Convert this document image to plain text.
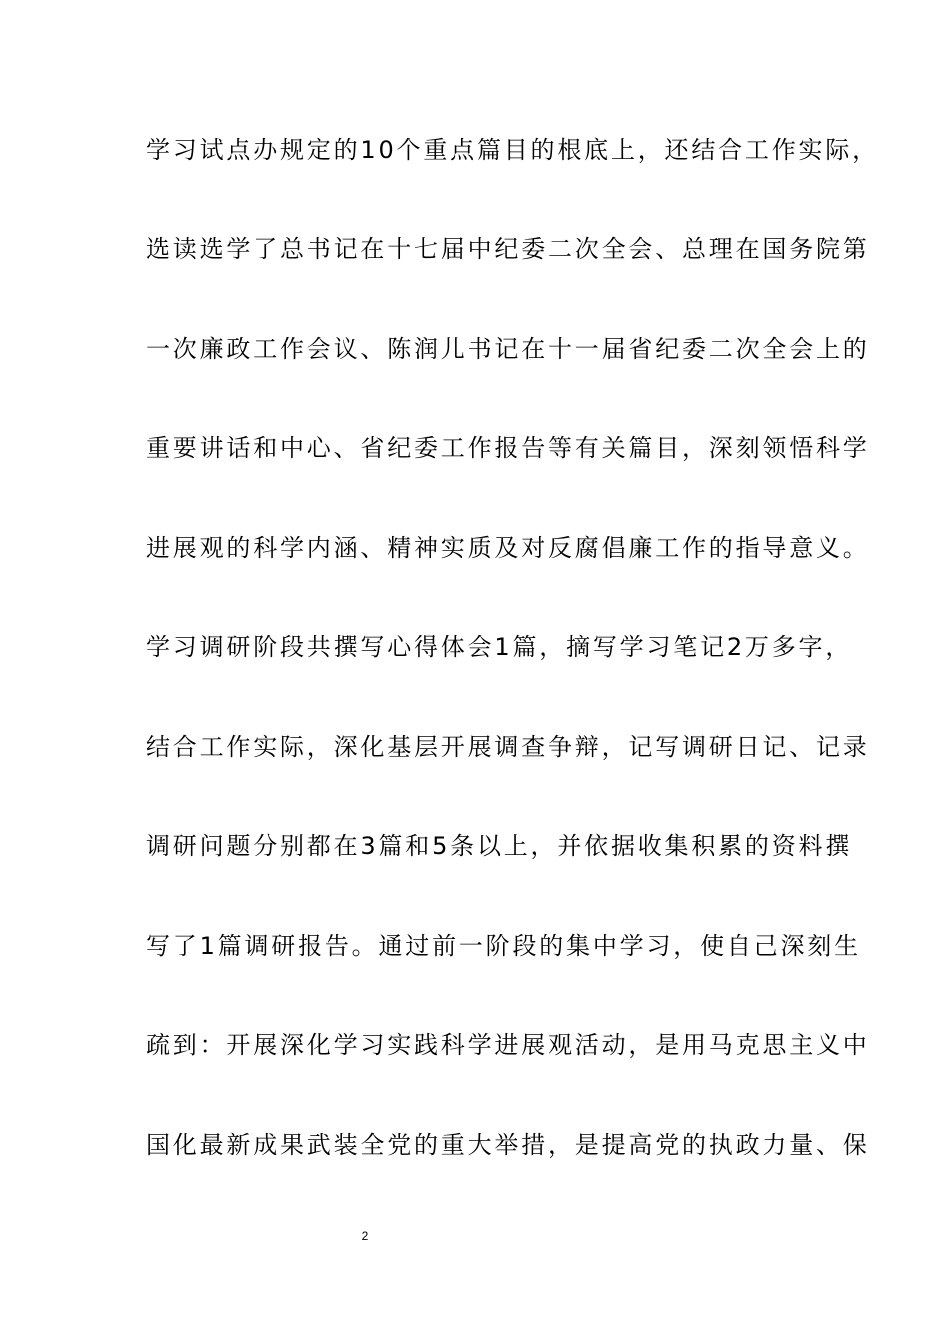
学习试点办规定的10个重点篇目的根底上，还结合工作实际，
选读选学了总书记在十七届中纪委二次全会、总理在国务院第
一次廉政工作会议、陈润儿书记在十一届省纪委二次全会上的
重要讲话和中心、省纪委工作报告等有关篇目，深刻领悟科学
进展观的科学内涵、精神实质及对反腐倡廉工作的指导意义。
学习调研阶段共撰写心得体会1篇，摘写学习笔记2万多字，
结合工作实际，深化基层开展调查争辩，记写调研日记、记录
调研问题分别都在3篇和5条以上，并依据收集积累的资料撰
写了1篇调研报告。通过前一阶段的集中学习，使自己深刻生
疏到：开展深化学习实践科学进展观活动，是用马克思主义中
国化最新成果武装全党的重大举措，是提高党的执政力量、保
2
